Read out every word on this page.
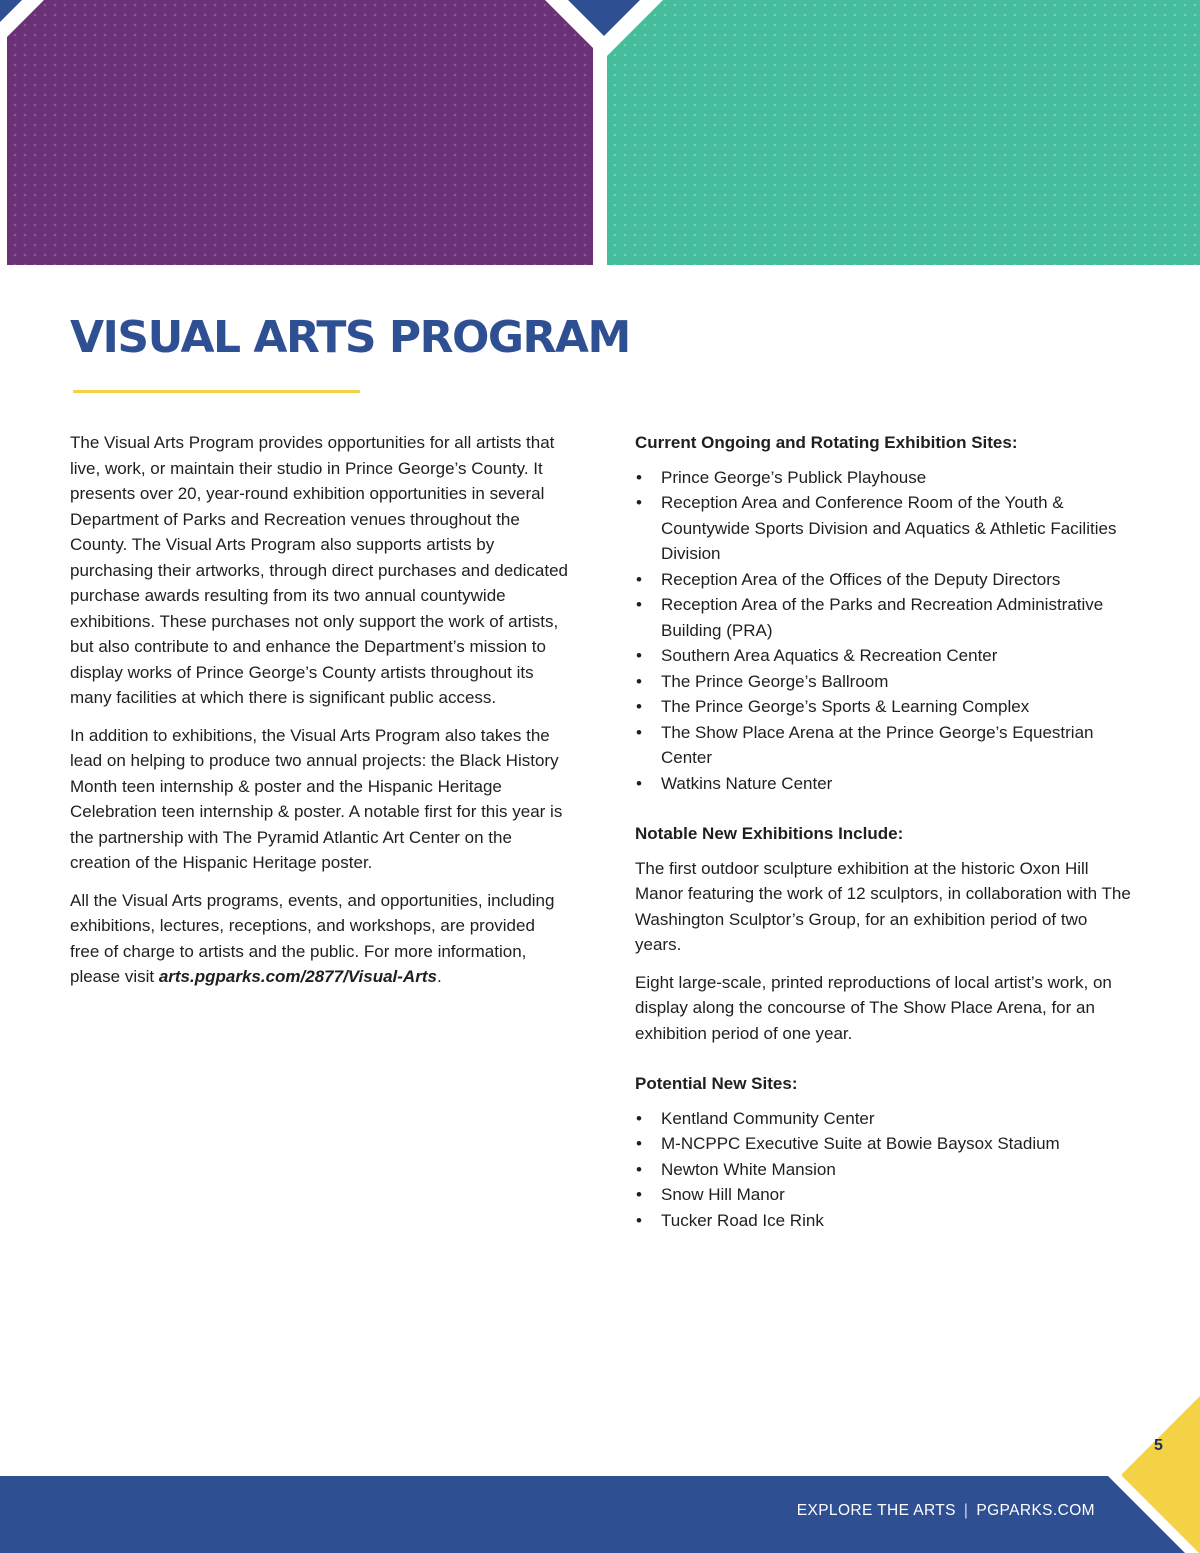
VISUAL ARTS PROGRAM

The Visual Arts Program provides opportunities for all artists that live, work, or maintain their studio in Prince George’s County. It presents over 20, year-round exhibition opportunities in several Department of Parks and Recreation venues throughout the County. The Visual Arts Program also supports artists by purchasing their artworks, through direct purchases and dedicated purchase awards resulting from its two annual countywide exhibitions. These purchases not only support the work of artists, but also contribute to and enhance the Department’s mission to display works of Prince George’s County artists throughout its many facilities at which there is significant public access.

In addition to exhibitions, the Visual Arts Program also takes the lead on helping to produce two annual projects: the Black History Month teen internship & poster and the Hispanic Heritage Celebration teen internship & poster. A notable first for this year is the partnership with The Pyramid Atlantic Art Center on the creation of the Hispanic Heritage poster.

All the Visual Arts programs, events, and opportunities, including exhibitions, lectures, receptions, and workshops, are provided free of charge to artists and the public. For more information, please visit arts.pgparks.com/2877/Visual-Arts.

Current Ongoing and Rotating Exhibition Sites:
• Prince George’s Publick Playhouse
• Reception Area and Conference Room of the Youth & Countywide Sports Division and Aquatics & Athletic Facilities Division
• Reception Area of the Offices of the Deputy Directors
• Reception Area of the Parks and Recreation Administrative Building (PRA)
• Southern Area Aquatics & Recreation Center
• The Prince George’s Ballroom
• The Prince George’s Sports & Learning Complex
• The Show Place Arena at the Prince George’s Equestrian Center
• Watkins Nature Center
Notable New Exhibitions Include:

The first outdoor sculpture exhibition at the historic Oxon Hill Manor featuring the work of 12 sculptors, in collaboration with The Washington Sculptor’s Group, for an exhibition period of two years.

Eight large-scale, printed reproductions of local artist’s work, on display along the concourse of The Show Place Arena, for an exhibition period of one year.

Potential New Sites:
• Kentland Community Center
• M-NCPPC Executive Suite at Bowie Baysox Stadium
• Newton White Mansion
• Snow Hill Manor
• Tucker Road Ice Rink
EXPLORE THE ARTS | PGPARKS.COM
5
